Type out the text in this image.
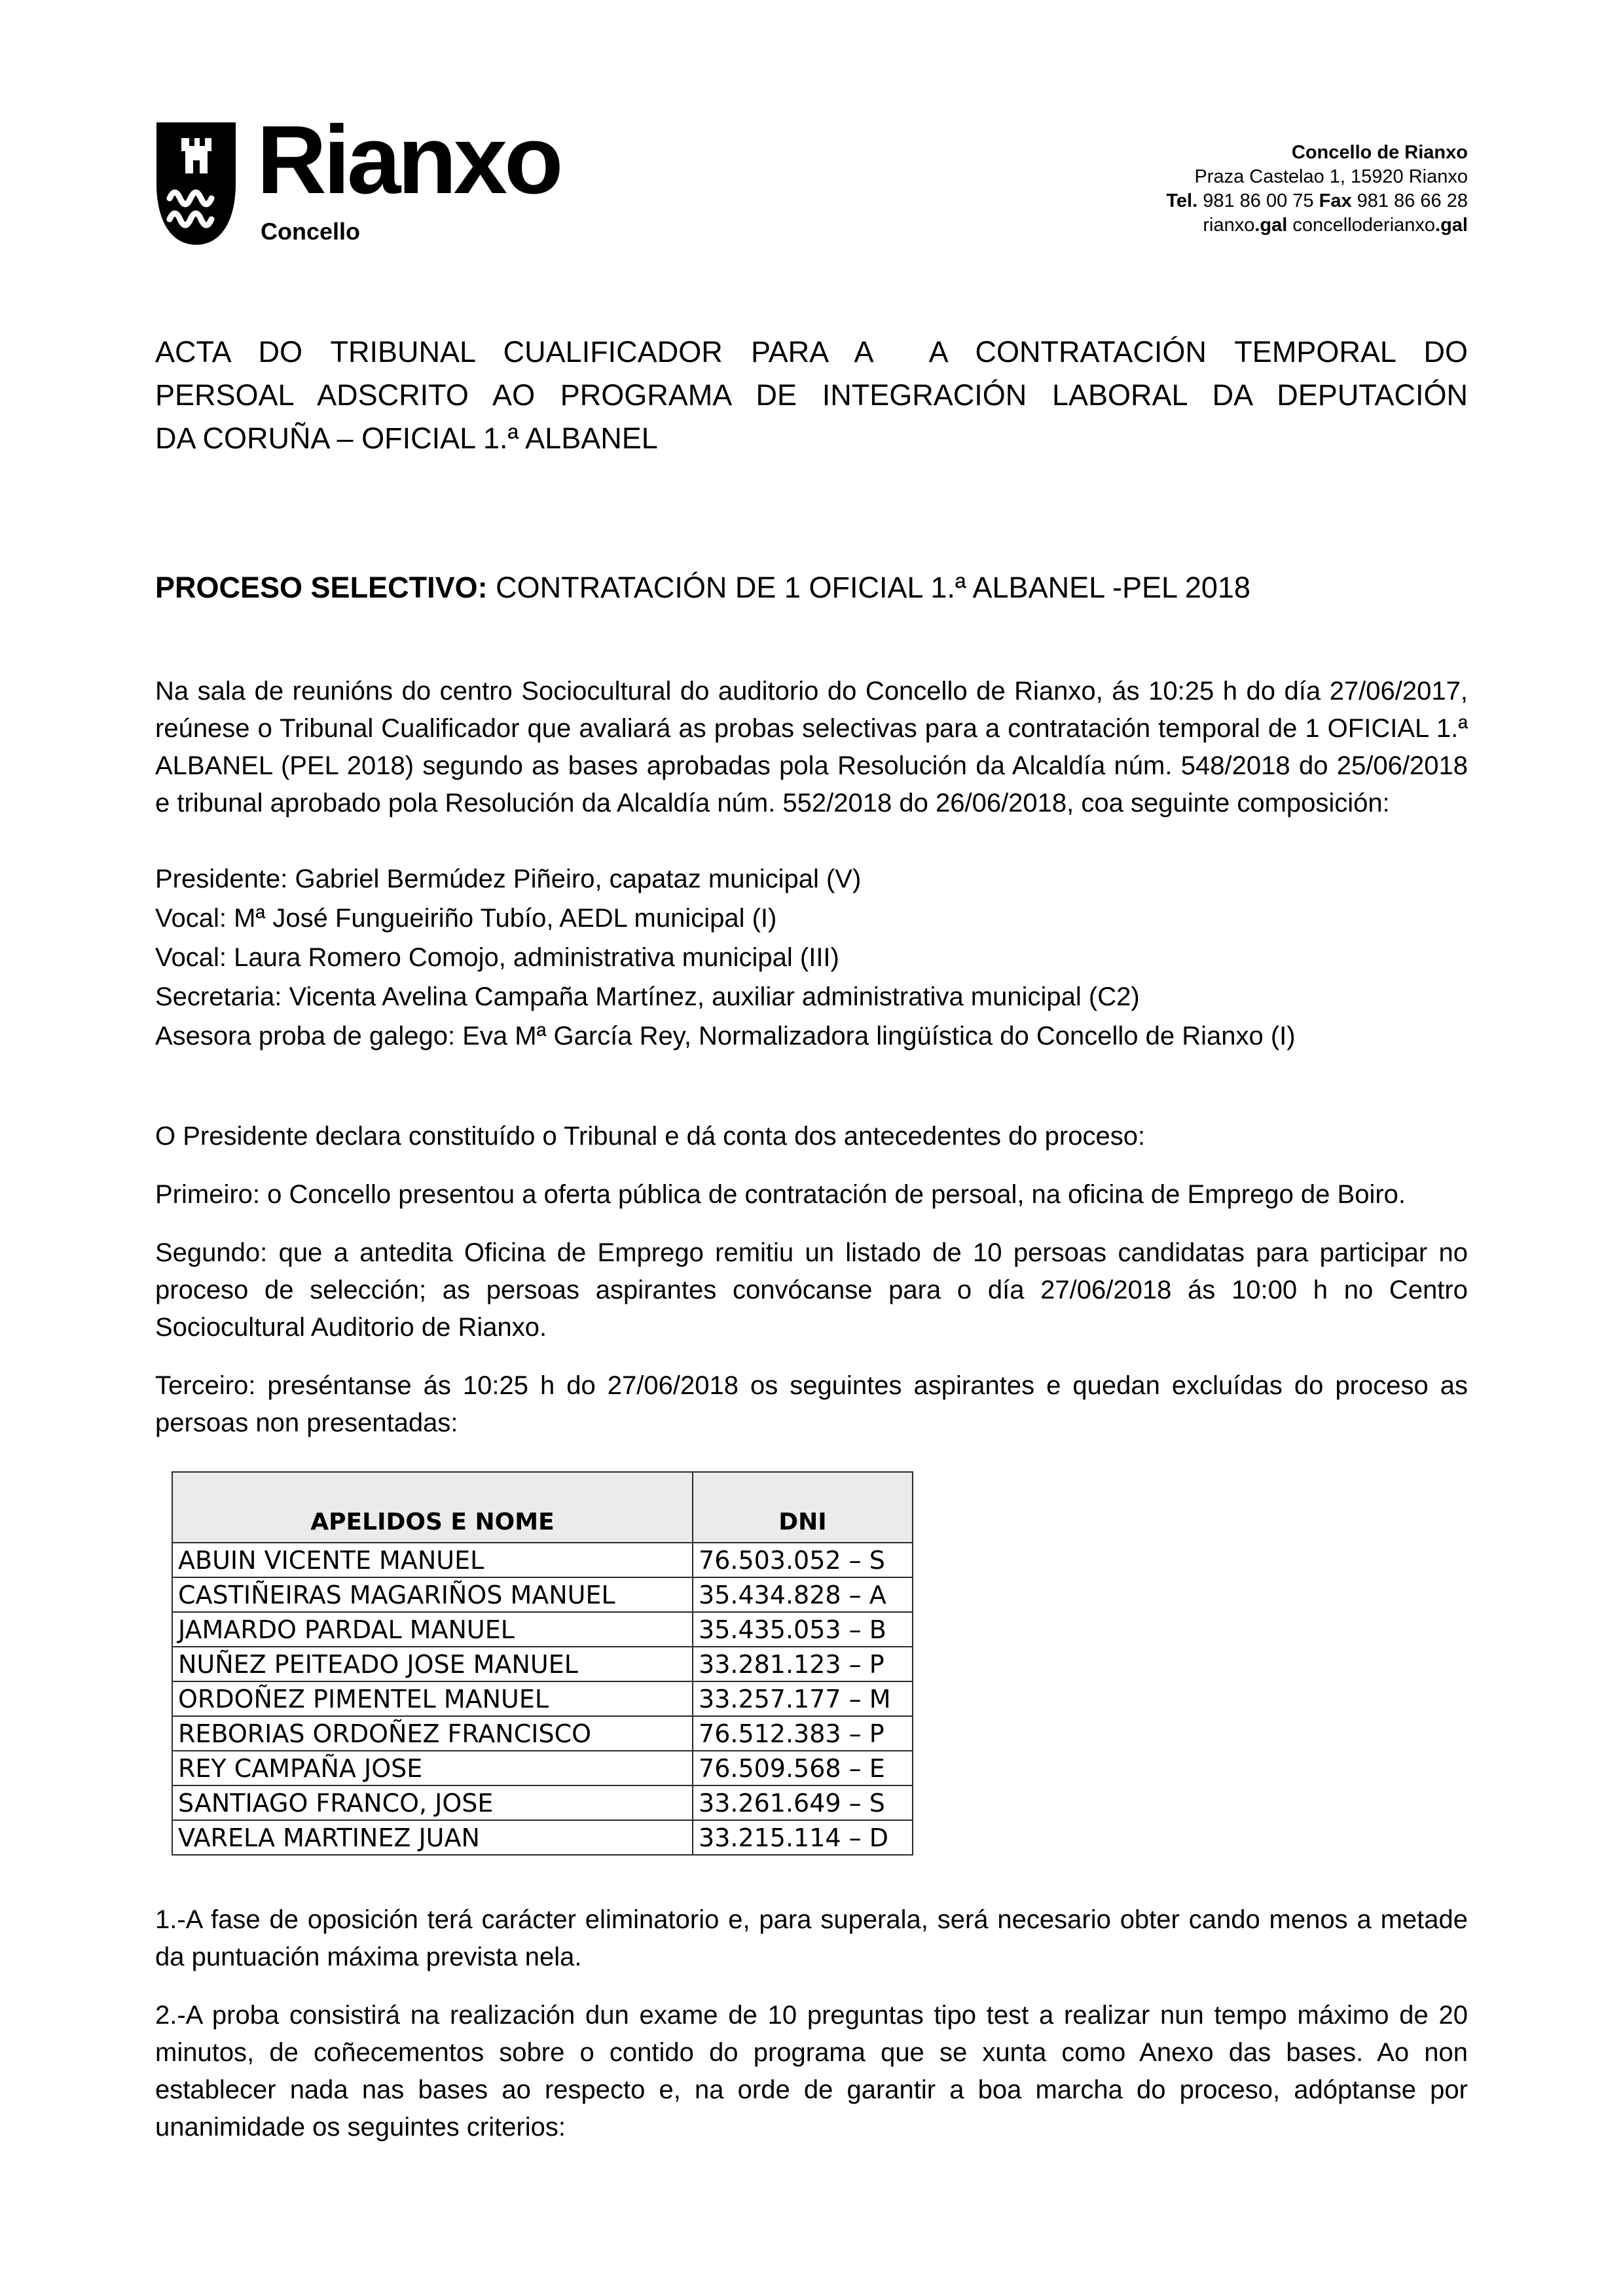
Rianxo
Concello
Concello de Rianxo
Praza Castelao 1, 15920 Rianxo
Tel. 981 86 00 75 Fax 981 86 66 28
rianxo.gal concelloderianxo.gal
ACTA DO TRIBUNAL CUALIFICADOR PARA A  A CONTRATACIÓN TEMPORAL DO
PERSOAL ADSCRITO AO PROGRAMA DE INTEGRACIÓN LABORAL DA DEPUTACIÓN
DA CORUÑA – OFICIAL 1.ª ALBANEL
PROCESO SELECTIVO: CONTRATACIÓN DE 1 OFICIAL 1.ª ALBANEL -PEL 2018
Na sala de reunións do centro Sociocultural do auditorio do Concello de Rianxo, ás 10:25 h do día 27/06/2017, reúnese o Tribunal Cualificador que avaliará as probas selectivas para a contratación temporal de 1 OFICIAL 1.ª ALBANEL (PEL 2018) segundo as bases aprobadas pola Resolución da Alcaldía núm. 548/2018 do 25/06/2018 e tribunal aprobado pola Resolución da Alcaldía núm. 552/2018 do 26/06/2018, coa seguinte composición:
Presidente: Gabriel Bermúdez Piñeiro, capataz municipal (V)
Vocal: Mª José Fungueiriño Tubío, AEDL municipal (I)
Vocal: Laura Romero Comojo, administrativa municipal (III)
Secretaria: Vicenta Avelina Campaña Martínez, auxiliar administrativa municipal (C2)
Asesora proba de galego: Eva Mª García Rey, Normalizadora lingüística do Concello de Rianxo (I)
O Presidente declara constituído o Tribunal e dá conta dos antecedentes do proceso:
Primeiro: o Concello presentou a oferta pública de contratación de persoal, na oficina de Emprego de Boiro.
Segundo: que a antedita Oficina de Emprego remitiu un listado de 10 persoas candidatas para participar no proceso de selección; as persoas aspirantes convócanse para o día 27/06/2018 ás 10:00 h no Centro Sociocultural Auditorio de Rianxo.
Terceiro: preséntanse ás 10:25 h do 27/06/2018 os seguintes aspirantes e quedan excluídas do proceso as persoas non presentadas:
APELIDOS E NOME	DNI
ABUIN VICENTE MANUEL	76.503.052 – S
CASTIÑEIRAS MAGARIÑOS MANUEL	35.434.828 – A
JAMARDO PARDAL MANUEL	35.435.053 – B
NUÑEZ PEITEADO JOSE MANUEL	33.281.123 – P
ORDOÑEZ PIMENTEL MANUEL	33.257.177 – M
REBORIAS ORDOÑEZ FRANCISCO	76.512.383 – P
REY CAMPAÑA JOSE	76.509.568 – E
SANTIAGO FRANCO, JOSE	33.261.649 – S
VARELA MARTINEZ JUAN	33.215.114 – D
1.-A fase de oposición terá carácter eliminatorio e, para superala, será necesario obter cando menos a metade da puntuación máxima prevista nela.
2.-A proba consistirá na realización dun exame de 10 preguntas tipo test a realizar nun tempo máximo de 20 minutos, de coñecementos sobre o contido do programa que se xunta como Anexo das bases. Ao non establecer nada nas bases ao respecto e, na orde de garantir a boa marcha do proceso, adóptanse por unanimidade os seguintes criterios:
